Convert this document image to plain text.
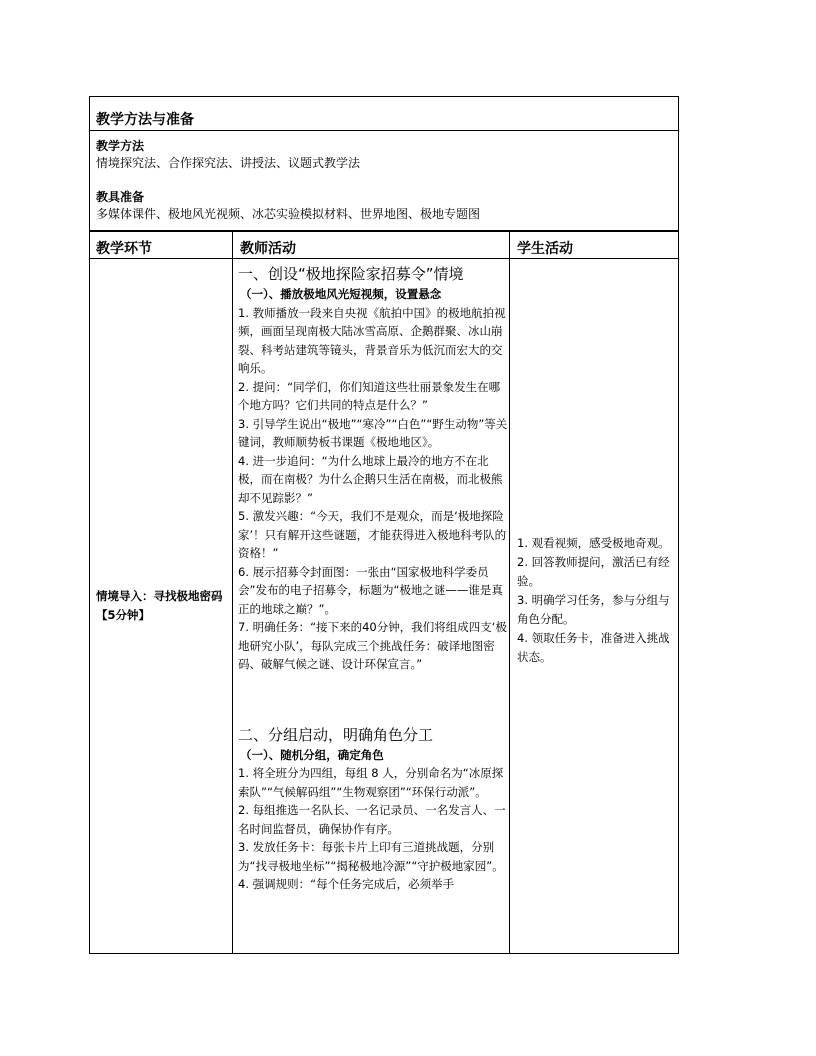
教学方法与准备
教学方法
情境探究法、合作探究法、讲授法、议题式教学法
教具准备
多媒体课件、极地风光视频、冰芯实验模拟材料、世界地图、极地专题图
教学环节	教师活动	学生活动
情境导入：寻找极地密码【5分钟】
一、创设“极地探险家招募令”情境
（一）、播放极地风光短视频，设置悬念

1. 教师播放一段来自央视《航拍中国》的极地航拍视频，画面呈现南极大陆冰雪高原、企鹅群聚、冰山崩裂、科考站建筑等镜头，背景音乐为低沉而宏大的交响乐。

2. 提问：“同学们，你们知道这些壮丽景象发生在哪个地方吗？它们共同的特点是什么？”

3. 引导学生说出“极地”“寒冷”“白色”“野生动物”等关键词，教师顺势板书课题《极地地区》。

4. 进一步追问：“为什么地球上最冷的地方不在北极，而在南极？为什么企鹅只生活在南极，而北极熊却不见踪影？”

5. 激发兴趣：“今天，我们不是观众，而是‘极地探险家’！只有解开这些谜题，才能获得进入极地科考队的资格！”

6. 展示招募令封面图：一张由“国家极地科学委员会”发布的电子招募令，标题为“极地之谜——谁是真正的地球之巅？”。

7. 明确任务：“接下来的40分钟，我们将组成四支‘极地研究小队’，每队完成三个挑战任务：破译地图密码、破解气候之谜、设计环保宣言。”

二、分组启动，明确角色分工
（一）、随机分组，确定角色

1. 将全班分为四组，每组 8 人，分别命名为“冰原探索队”“气候解码组”“生物观察团”“环保行动派”。

2. 每组推选一名队长、一名记录员、一名发言人、一名时间监督员，确保协作有序。

3. 发放任务卡：每张卡片上印有三道挑战题，分别为“找寻极地坐标”“揭秘极地冷源”“守护极地家园”。

4. 强调规则：“每个任务完成后，必须举手

1. 观看视频，感受极地奇观。

2. 回答教师提问，激活已有经验。

3. 明确学习任务，参与分组与角色分配。

4. 领取任务卡，准备进入挑战状态。
